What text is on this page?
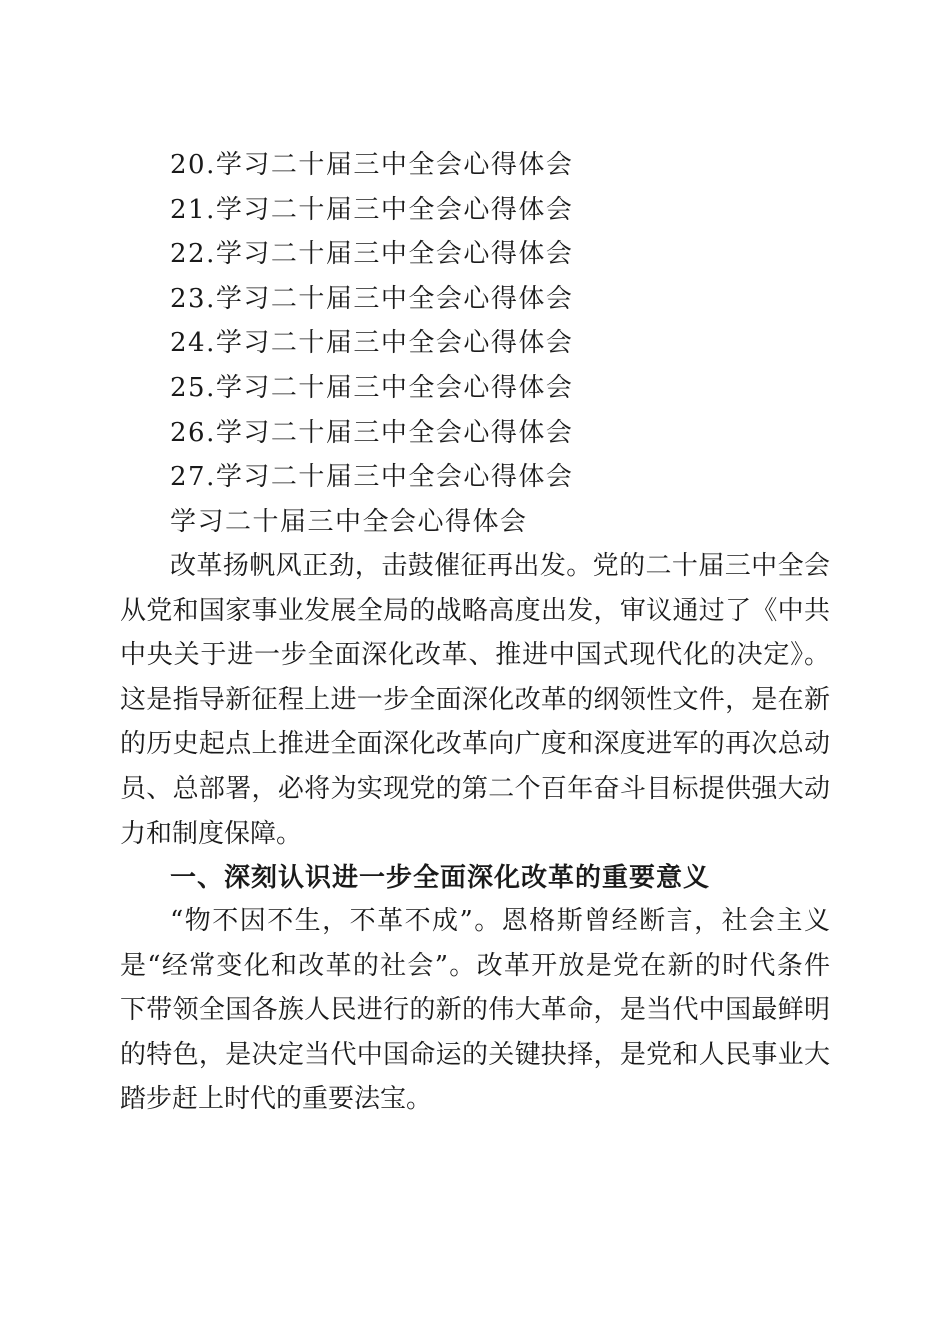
20.学习二十届三中全会心得体会
21.学习二十届三中全会心得体会
22.学习二十届三中全会心得体会
23.学习二十届三中全会心得体会
24.学习二十届三中全会心得体会
25.学习二十届三中全会心得体会
26.学习二十届三中全会心得体会
27.学习二十届三中全会心得体会
学习二十届三中全会心得体会
改革扬帆风正劲，击鼓催征再出发。党的二十届三中全会
从党和国家事业发展全局的战略高度出发，审议通过了《中共
中央关于进一步全面深化改革、推进中国式现代化的决定》。
这是指导新征程上进一步全面深化改革的纲领性文件，是在新
的历史起点上推进全面深化改革向广度和深度进军的再次总动
员、总部署，必将为实现党的第二个百年奋斗目标提供强大动
力和制度保障。
一、深刻认识进一步全面深化改革的重要意义
“物不因不生，不革不成”。恩格斯曾经断言，社会主义
是“经常变化和改革的社会”。改革开放是党在新的时代条件
下带领全国各族人民进行的新的伟大革命，是当代中国最鲜明
的特色，是决定当代中国命运的关键抉择，是党和人民事业大
踏步赶上时代的重要法宝。
